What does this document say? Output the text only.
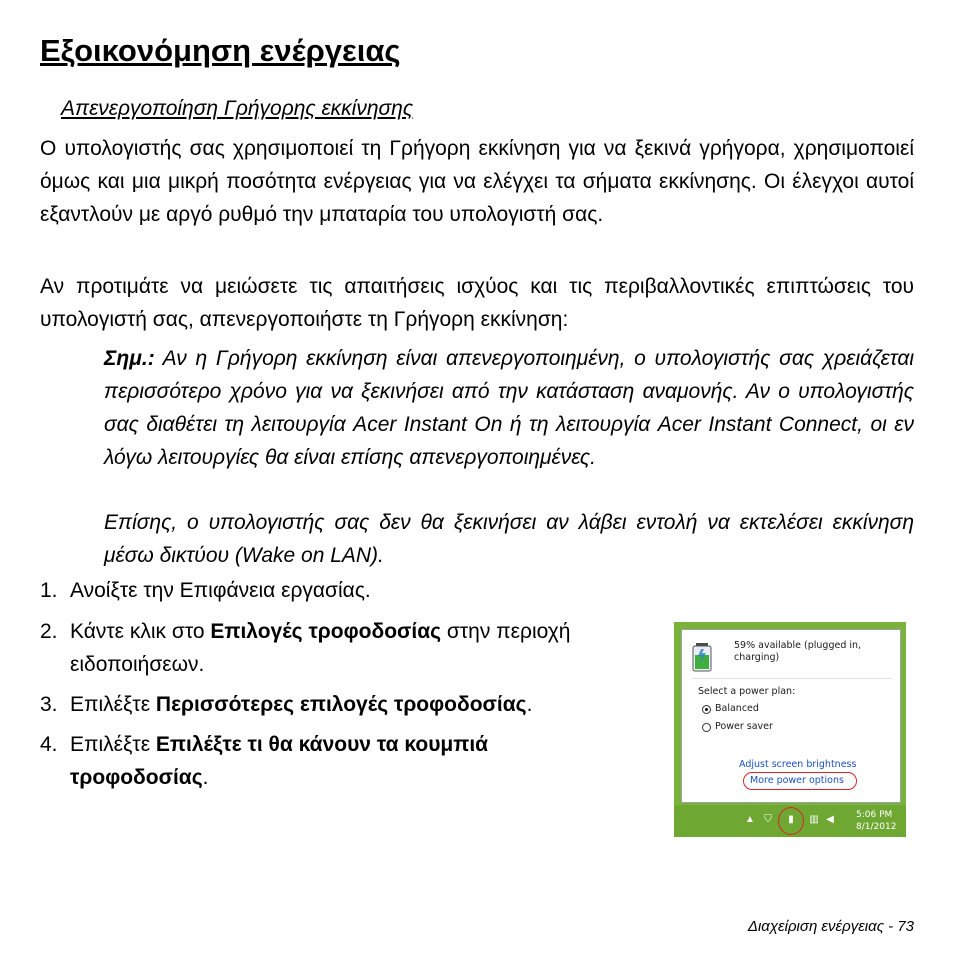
Εξοικονόμηση ενέργειας
Απενεργοποίηση Γρήγορης εκκίνησης

Ο υπολογιστής σας χρησιμοποιεί τη Γρήγορη εκκίνηση για να ξεκινά γρήγορα, χρησιμοποιεί όμως και μια μικρή ποσότητα ενέργειας για να ελέγχει τα σήματα εκκίνησης. Οι έλεγχοι αυτοί εξαντλούν με αργό ρυθμό την μπαταρία του υπολογιστή σας.

Αν προτιμάτε να μειώσετε τις απαιτήσεις ισχύος και τις περιβαλλοντικές επιπτώσεις του υπολογιστή σας, απενεργοποιήστε τη Γρήγορη εκκίνηση:

Σημ.: Αν η Γρήγορη εκκίνηση είναι απενεργοποιημένη, ο υπολογιστής σας χρειάζεται περισσότερο χρόνο για να ξεκινήσει από την κατάσταση αναμονής. Αν ο υπολογιστής σας διαθέτει τη λειτουργία Acer Instant On ή τη λειτουργία Acer Instant Connect, οι εν λόγω λειτουργίες θα είναι επίσης απενεργοποιημένες.

Επίσης, ο υπολογιστής σας δεν θα ξεκινήσει αν λάβει εντολή να εκτελέσει εκκίνηση μέσω δικτύου (Wake on LAN).

1. Ανοίξτε την Επιφάνεια εργασίας.
2. Κάντε κλικ στο Επιλογές τροφοδοσίας στην περιοχή ειδοποιήσεων.
3. Επιλέξτε Περισσότερες επιλογές τροφοδοσίας.
4. Επιλέξτε Επιλέξτε τι θα κάνουν τα κουμπιά τροφοδοσίας.
59% available (plugged in, charging)
Select a power plan:
Balanced
Power saver
Adjust screen brightness
More power options
▲ ⛉	▮	▥ ◀ 5:06 PM
8/1/2012
Διαχείριση ενέργειας - 73
